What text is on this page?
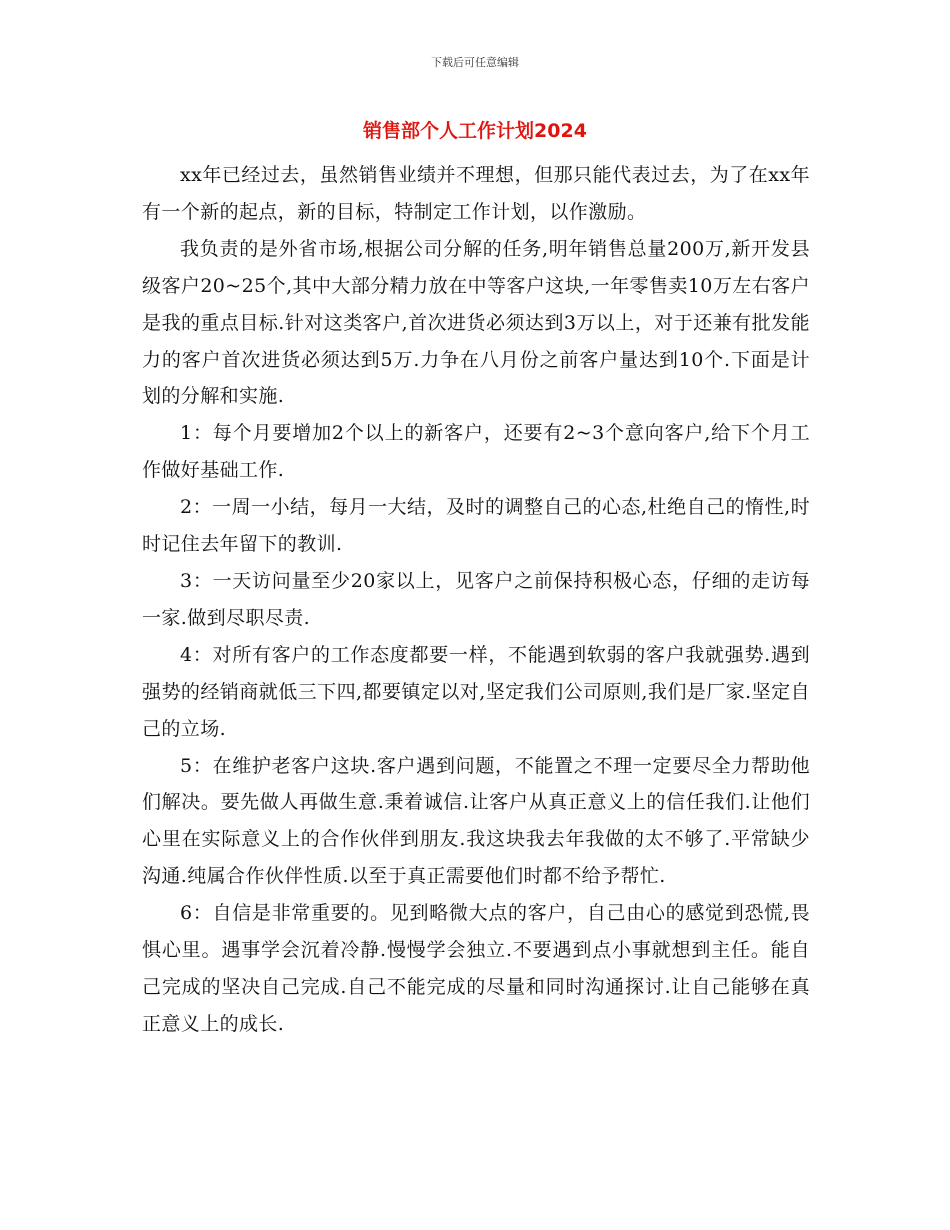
下载后可任意编辑
销售部个人工作计划2024

xx年已经过去，虽然销售业绩并不理想，但那只能代表过去，为了在xx年有一个新的起点，新的目标，特制定工作计划，以作激励。

我负责的是外省市场,根据公司分解的任务,明年销售总量200万,新开发县级客户20~25个,其中大部分精力放在中等客户这块,一年零售卖10万左右客户是我的重点目标.针对这类客户,首次进货必须达到3万以上，对于还兼有批发能力的客户首次进货必须达到5万.力争在八月份之前客户量达到10个.下面是计划的分解和实施.

1：每个月要增加2个以上的新客户，还要有2~3个意向客户,给下个月工作做好基础工作.

2：一周一小结，每月一大结，及时的调整自己的心态,杜绝自己的惰性,时时记住去年留下的教训.

3：一天访问量至少20家以上，见客户之前保持积极心态，仔细的走访每一家.做到尽职尽责.

4：对所有客户的工作态度都要一样，不能遇到软弱的客户我就强势.遇到强势的经销商就低三下四,都要镇定以对,坚定我们公司原则,我们是厂家.坚定自己的立场.

5：在维护老客户这块.客户遇到问题，不能置之不理一定要尽全力帮助他们解决。要先做人再做生意.秉着诚信.让客户从真正意义上的信任我们.让他们心里在实际意义上的合作伙伴到朋友.我这块我去年我做的太不够了.平常缺少沟通.纯属合作伙伴性质.以至于真正需要他们时都不给予帮忙.

6：自信是非常重要的。见到略微大点的客户，自己由心的感觉到恐慌,畏惧心里。遇事学会沉着冷静.慢慢学会独立.不要遇到点小事就想到主任。能自己完成的坚决自己完成.自己不能完成的尽量和同时沟通探讨.让自己能够在真正意义上的成长.
